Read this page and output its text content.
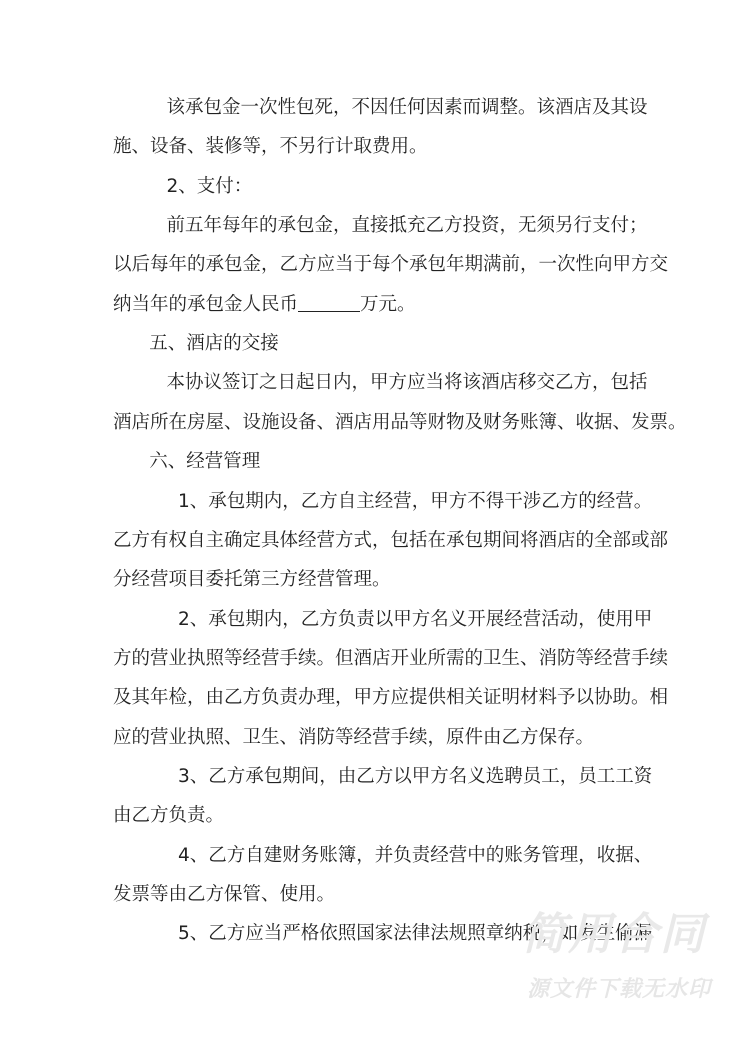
该承包金一次性包死，不因任何因素而调整。该酒店及其设
施、设备、装修等，不另行计取费用。
2、支付：
前五年每年的承包金，直接抵充乙方投资，无须另行支付；
以后每年的承包金，乙方应当于每个承包年期满前，一次性向甲方交
纳当年的承包金人民币	万元。
五、酒店的交接
本协议签订之日起日内，甲方应当将该酒店移交乙方，包括
酒店所在房屋、设施设备、酒店用品等财物及财务账簿、收据、发票。
六、经营管理
1、承包期内，乙方自主经营，甲方不得干涉乙方的经营。
乙方有权自主确定具体经营方式，包括在承包期间将酒店的全部或部
分经营项目委托第三方经营管理。
2、承包期内，乙方负责以甲方名义开展经营活动，使用甲
方的营业执照等经营手续。但酒店开业所需的卫生、消防等经营手续
及其年检，由乙方负责办理，甲方应提供相关证明材料予以协助。相
应的营业执照、卫生、消防等经营手续，原件由乙方保存。
3、乙方承包期间，由乙方以甲方名义选聘员工，员工工资
由乙方负责。
4、乙方自建财务账簿，并负责经营中的账务管理，收据、
发票等由乙方保管、使用。
5、乙方应当严格依照国家法律法规照章纳税，如发生偷漏
简用合同
源文件下载无水印
